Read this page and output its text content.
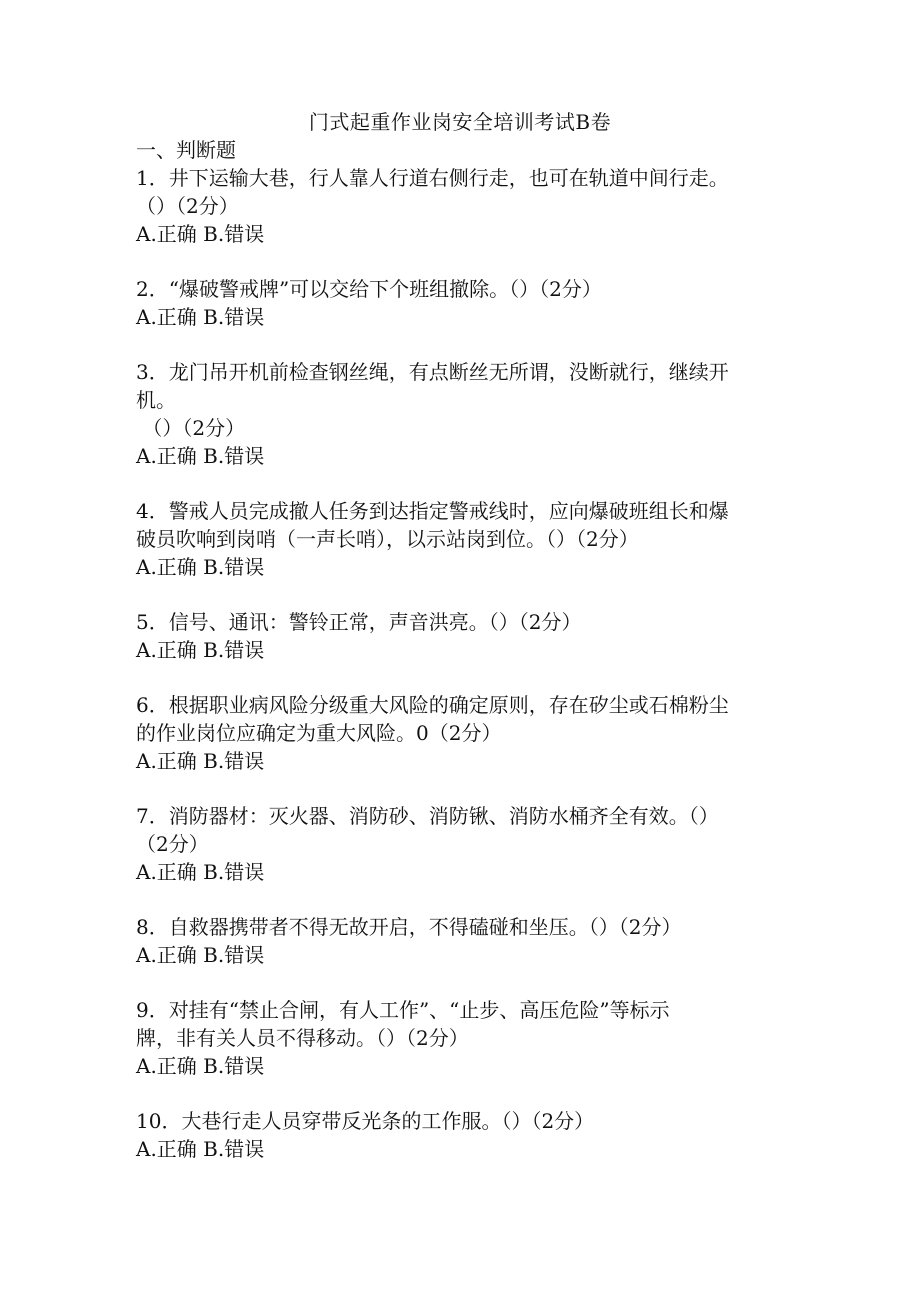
门式起重作业岗安全培训考试B卷
一、判断题
1．井下运输大巷，行人靠人行道右侧行走，也可在轨道中间行走。
（）（2分）
A.正确 B.错误
2．“爆破警戒牌”可以交给下个班组撤除。（）（2分）
A.正确 B.错误
3．龙门吊开机前检查钢丝绳，有点断丝无所谓，没断就行，继续开
机。
（）（2分）
A.正确 B.错误
4．警戒人员完成撤人任务到达指定警戒线时，应向爆破班组长和爆
破员吹响到岗哨（一声长哨），以示站岗到位。（）（2分）
A.正确 B.错误
5．信号、通讯：警铃正常，声音洪亮。（）（2分）
A.正确 B.错误
6．根据职业病风险分级重大风险的确定原则，存在矽尘或石棉粉尘
的作业岗位应确定为重大风险。0（2分）
A.正确 B.错误
7．消防器材：灭火器、消防砂、消防锹、消防水桶齐全有效。（）
（2分）
A.正确 B.错误
8．自救器携带者不得无故开启，不得磕碰和坐压。（）（2分）
A.正确 B.错误
9．对挂有“禁止合闸，有人工作”、“止步、高压危险”等标示
牌，非有关人员不得移动。（）（2分）
A.正确 B.错误
10．大巷行走人员穿带反光条的工作服。（）（2分）
A.正确 B.错误
